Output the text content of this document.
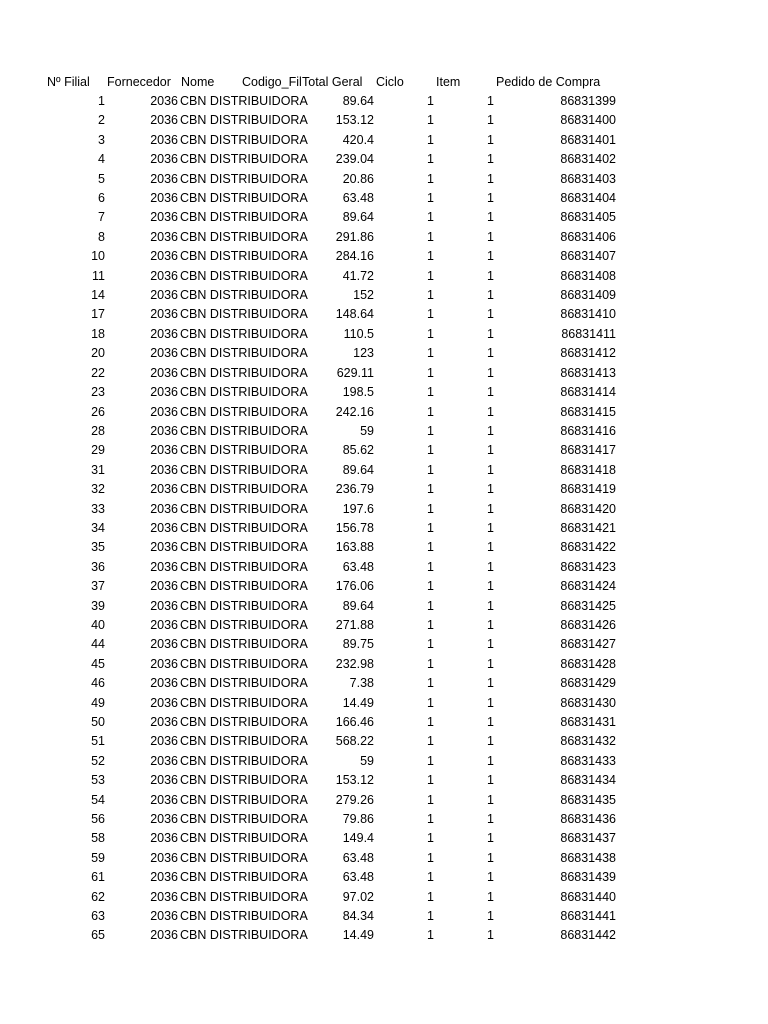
Nº Filial Fornecedor Nome Codigo_Fil Total Geral Ciclo	Item	Pedido de Compra
1	2036 CBN DISTRIBUIDORA	89.64	1	1	86831399
2	2036 CBN DISTRIBUIDORA 153.12	1	1	86831400
3	2036 CBN DISTRIBUIDORA	420.4	1	1	86831401
4	2036 CBN DISTRIBUIDORA 239.04	1	1	86831402
5	2036 CBN DISTRIBUIDORA	20.86	1	1	86831403
6	2036 CBN DISTRIBUIDORA	63.48	1	1	86831404
7	2036 CBN DISTRIBUIDORA	89.64	1	1	86831405
8	2036 CBN DISTRIBUIDORA 291.86	1	1	86831406
10	2036 CBN DISTRIBUIDORA 284.16	1	1	86831407
11	2036 CBN DISTRIBUIDORA	41.72	1	1	86831408
14	2036 CBN DISTRIBUIDORA	152	1	1	86831409
17	2036 CBN DISTRIBUIDORA 148.64	1	1	86831410
18	2036 CBN DISTRIBUIDORA	110.5	1	1	86831411
20	2036 CBN DISTRIBUIDORA	123	1	1	86831412
22	2036 CBN DISTRIBUIDORA 629.11	1	1	86831413
23	2036 CBN DISTRIBUIDORA	198.5	1	1	86831414
26	2036 CBN DISTRIBUIDORA 242.16	1	1	86831415
28	2036 CBN DISTRIBUIDORA	59	1	1	86831416
29	2036 CBN DISTRIBUIDORA	85.62	1	1	86831417
31	2036 CBN DISTRIBUIDORA	89.64	1	1	86831418
32	2036 CBN DISTRIBUIDORA 236.79	1	1	86831419
33	2036 CBN DISTRIBUIDORA	197.6	1	1	86831420
34	2036 CBN DISTRIBUIDORA 156.78	1	1	86831421
35	2036 CBN DISTRIBUIDORA 163.88	1	1	86831422
36	2036 CBN DISTRIBUIDORA	63.48	1	1	86831423
37	2036 CBN DISTRIBUIDORA 176.06	1	1	86831424
39	2036 CBN DISTRIBUIDORA	89.64	1	1	86831425
40	2036 CBN DISTRIBUIDORA 271.88	1	1	86831426
44	2036 CBN DISTRIBUIDORA	89.75	1	1	86831427
45	2036 CBN DISTRIBUIDORA 232.98	1	1	86831428
46	2036 CBN DISTRIBUIDORA	7.38	1	1	86831429
49	2036 CBN DISTRIBUIDORA	14.49	1	1	86831430
50	2036 CBN DISTRIBUIDORA 166.46	1	1	86831431
51	2036 CBN DISTRIBUIDORA 568.22	1	1	86831432
52	2036 CBN DISTRIBUIDORA	59	1	1	86831433
53	2036 CBN DISTRIBUIDORA 153.12	1	1	86831434
54	2036 CBN DISTRIBUIDORA 279.26	1	1	86831435
56	2036 CBN DISTRIBUIDORA	79.86	1	1	86831436
58	2036 CBN DISTRIBUIDORA	149.4	1	1	86831437
59	2036 CBN DISTRIBUIDORA	63.48	1	1	86831438
61	2036 CBN DISTRIBUIDORA	63.48	1	1	86831439
62	2036 CBN DISTRIBUIDORA	97.02	1	1	86831440
63	2036 CBN DISTRIBUIDORA	84.34	1	1	86831441
65	2036 CBN DISTRIBUIDORA	14.49	1	1	86831442
